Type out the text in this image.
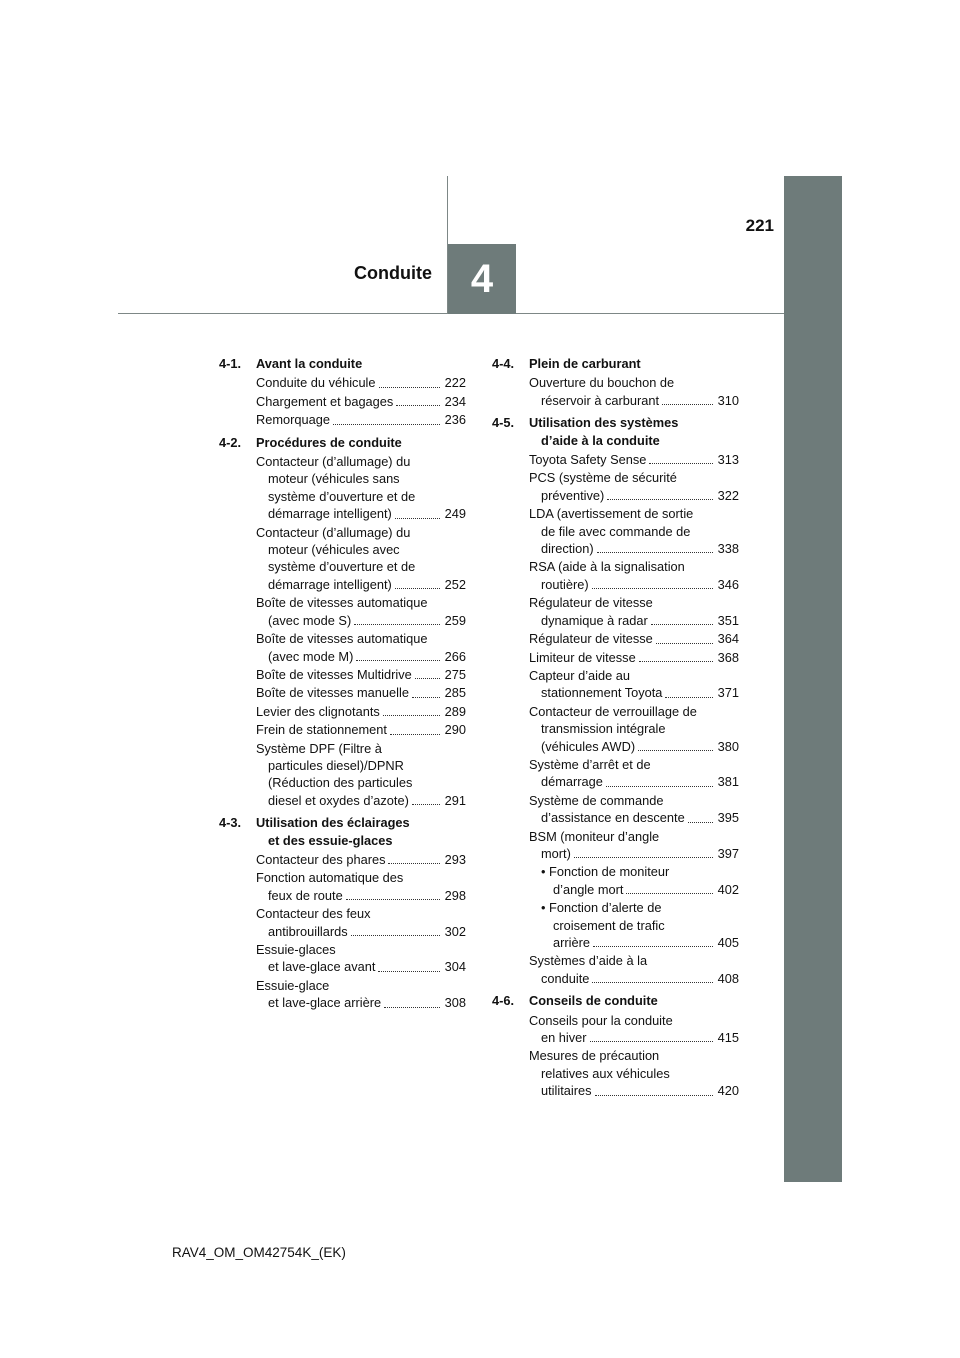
221
Conduite 4
4-1.	Avant la conduite
Conduite du véhicule	222
Chargement et bagages	234
Remorquage	236
4-2.	Procédures de conduite
Contacteur (d’allumage) du
moteur (véhicules sans
système d’ouverture et de
démarrage intelligent)	249
Contacteur (d’allumage) du
moteur (véhicules avec
système d’ouverture et de
démarrage intelligent)	252
Boîte de vitesses automatique
(avec mode S)	259
Boîte de vitesses automatique
(avec mode M)	266
Boîte de vitesses Multidrive	275
Boîte de vitesses manuelle	285
Levier des clignotants	289
Frein de stationnement	290
Système DPF (Filtre à
particules diesel)/DPNR
(Réduction des particules
diesel et oxydes d’azote)	291
4-3.	Utilisation des éclairages
et des essuie-glaces
Contacteur des phares	293
Fonction automatique des
feux de route	298
Contacteur des feux
antibrouillards	302
Essuie-glaces
et lave-glace avant	304
Essuie-glace
et lave-glace arrière	308
4-4.	Plein de carburant
Ouverture du bouchon de
réservoir à carburant	310
4-5.	Utilisation des systèmes
d’aide à la conduite
Toyota Safety Sense	313
PCS (système de sécurité
préventive)	322
LDA (avertissement de sortie
de file avec commande de
direction)	338
RSA (aide à la signalisation
routière)	346
Régulateur de vitesse
dynamique à radar	351
Régulateur de vitesse	364
Limiteur de vitesse	368
Capteur d’aide au
stationnement Toyota	371
Contacteur de verrouillage de
transmission intégrale
(véhicules AWD)	380
Système d’arrêt et de
démarrage	381
Système de commande
d’assistance en descente	395
BSM (moniteur d’angle
mort)	397
• Fonction de moniteur
d’angle mort	402
• Fonction d’alerte de
croisement de trafic
arrière	405
Systèmes d’aide à la
conduite	408
4-6.	Conseils de conduite
Conseils pour la conduite
en hiver	415
Mesures de précaution
relatives aux véhicules
utilitaires	420
RAV4_OM_OM42754K_(EK)
